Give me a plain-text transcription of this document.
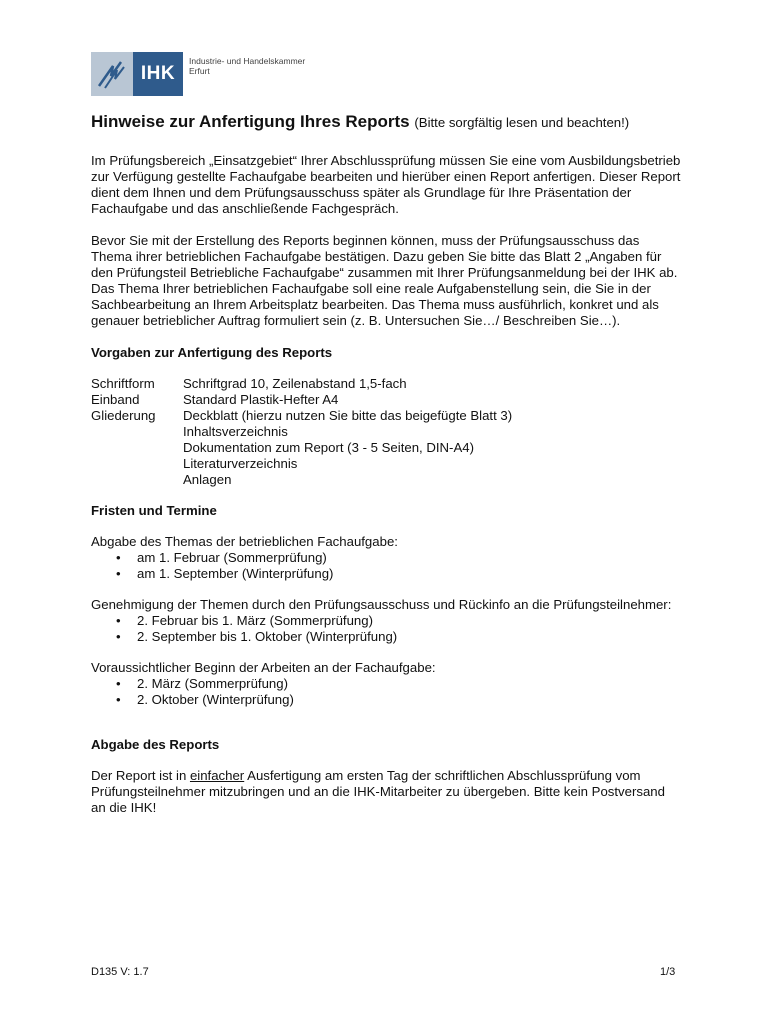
IHK
Industrie- und Handelskammer
Erfurt
Hinweise zur Anfertigung Ihres Reports (Bitte sorgfältig lesen und beachten!)

Im Prüfungsbereich „Einsatzgebiet“ Ihrer Abschlussprüfung müssen Sie eine vom Ausbildungsbetrieb zur Verfügung gestellte Fachaufgabe bearbeiten und hierüber einen Report anfertigen. Dieser Report dient dem Ihnen und dem Prüfungsausschuss später als Grundlage für Ihre Präsentation der Fachaufgabe und das anschließende Fachgespräch.

Bevor Sie mit der Erstellung des Reports beginnen können, muss der Prüfungsausschuss das Thema ihrer betrieblichen Fachaufgabe bestätigen. Dazu geben Sie bitte das Blatt 2 „Angaben für den Prüfungsteil Betriebliche Fachaufgabe“ zusammen mit Ihrer Prüfungsanmeldung bei der IHK ab. Das Thema Ihrer betrieblichen Fachaufgabe soll eine reale Aufgabenstellung sein, die Sie in der Sachbearbeitung an Ihrem Arbeitsplatz bearbeiten. Das Thema muss ausführlich, konkret und als genauer betrieblicher Auftrag formuliert sein (z. B. Untersuchen Sie…/ Beschreiben Sie…).

Vorgaben zur Anfertigung des Reports
Schriftform	Schriftgrad 10, Zeilenabstand 1,5-fach
Einband	Standard Plastik-Hefter A4
Gliederung	Deckblatt (hierzu nutzen Sie bitte das beigefügte Blatt 3)
Inhaltsverzeichnis
Dokumentation zum Report (3 - 5 Seiten, DIN-A4)
Literaturverzeichnis
Anlagen
Fristen und Termine
Abgabe des Themas der betrieblichen Fachaufgabe:
• am 1. Februar (Sommerprüfung)
• am 1. September (Winterprüfung)
Genehmigung der Themen durch den Prüfungsausschuss und Rückinfo an die Prüfungsteilnehmer:
• 2. Februar bis 1. März (Sommerprüfung)
• 2. September bis 1. Oktober (Winterprüfung)
Voraussichtlicher Beginn der Arbeiten an der Fachaufgabe:
• 2. März (Sommerprüfung)
• 2. Oktober (Winterprüfung)
Abgabe des Reports

Der Report ist in einfacher Ausfertigung am ersten Tag der schriftlichen Abschlussprüfung vom Prüfungsteilnehmer mitzubringen und an die IHK-Mitarbeiter zu übergeben. Bitte kein Postversand an die IHK!

D135 V: 1.7	1/3
